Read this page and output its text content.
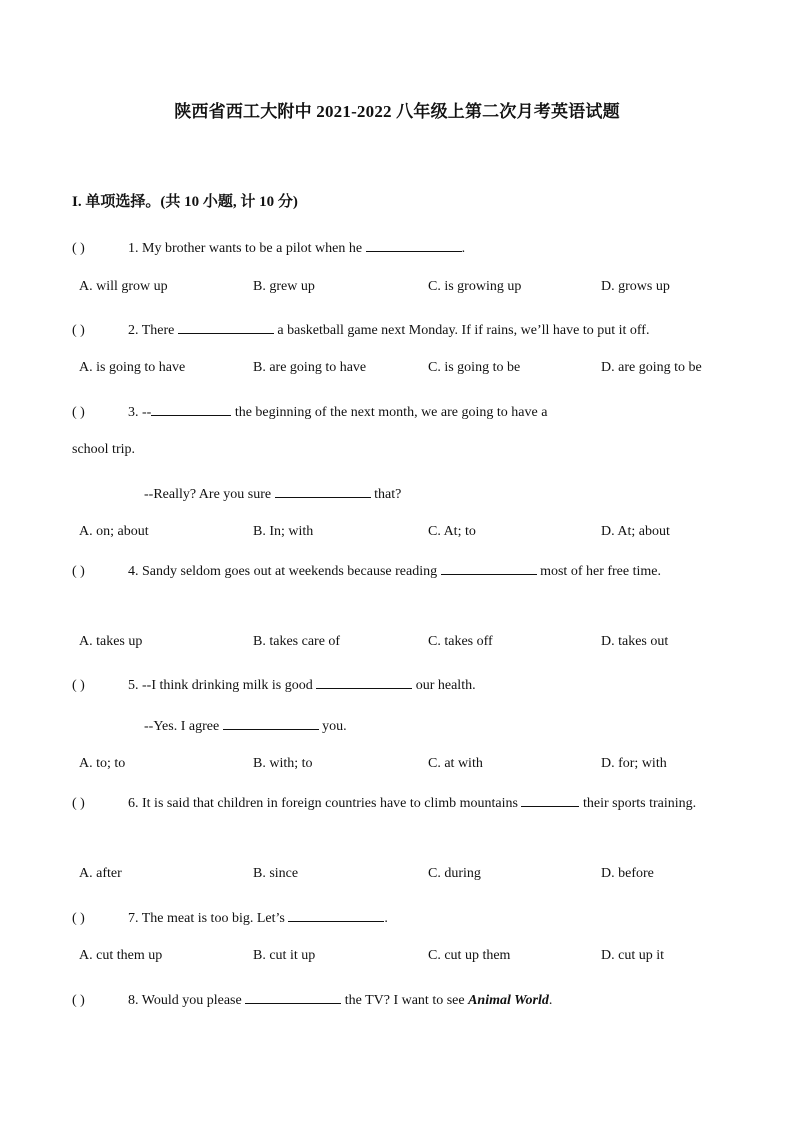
陕西省西工大附中 2021-2022 八年级上第二次月考英语试题
I. 单项选择。(共 10 小题, 计 10 分)
( )	1. My brother wants to be a pilot when he	.
A. will grow up	B. grew up	C. is growing up	D. grows up
( )	2. There	a basketball game next Monday. If if rains, we’ll have to put it off.
A. is going to have	B. are going to have	C. is going to be	D. are going to be
( )	3. --	the beginning of the next month, we are going to have a
school trip.
--Really? Are you sure	that?
A. on; about	B. In; with	C. At; to	D. At; about
( )	4. Sandy seldom goes out at weekends because reading	most of her free time.
A. takes up	B. takes care of	C. takes off	D. takes out
( )	5. --I think drinking milk is good	our health.
--Yes. I agree	you.
A. to; to	B. with; to	C. at with	D. for; with
( )	6. It is said that children in foreign countries have to climb mountains	their sports training.
A. after	B. since	C. during	D. before
( )	7. The meat is too big. Let’s	.
A. cut them up	B. cut it up	C. cut up them	D. cut up it
( )	8. Would you please	the TV? I want to see Animal World.
